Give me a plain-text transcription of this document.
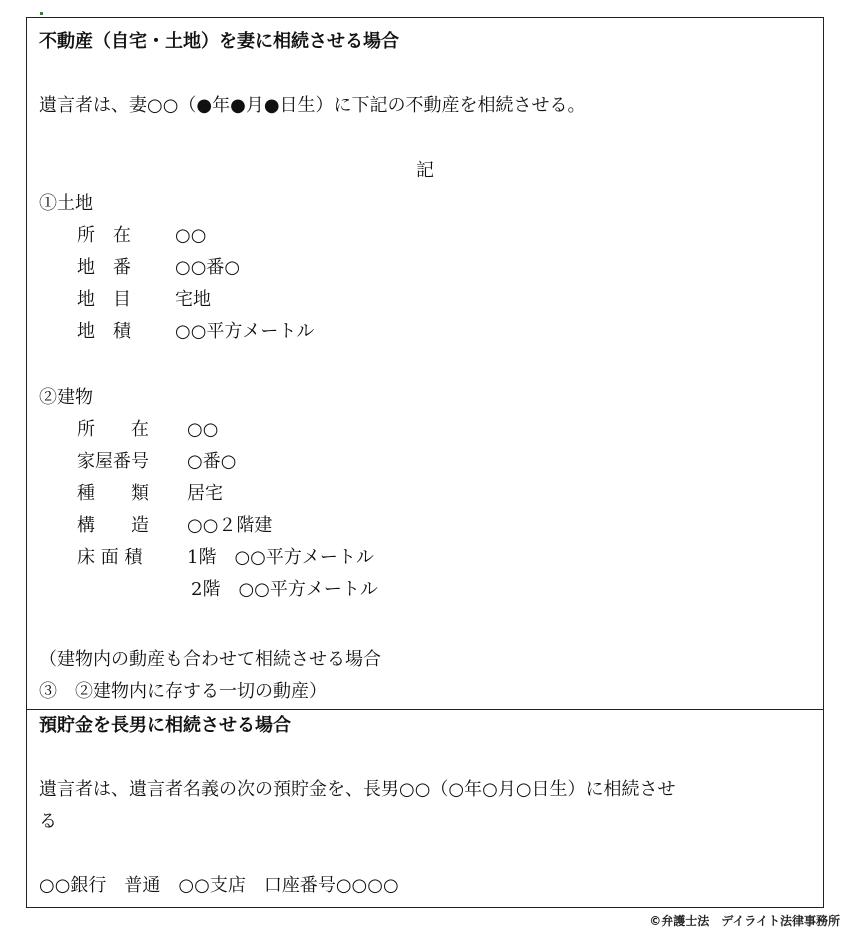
不動産（自宅・土地）を妻に相続させる場合
遺言者は、妻○○（●年●月●日生）に下記の不動産を相続させる。
記
①土地
所　在 ○○
地　番 ○○番○
地　目 宅地
地　積 ○○平方メートル
②建物
所　　在 ○○
家屋番号 ○番○
種　　類 居宅
構　　造 ○○２階建
床 面 積 1階　○○平方メートル
2階　○○平方メートル
（建物内の動産も合わせて相続させる場合
③　②建物内に存する一切の動産）
預貯金を長男に相続させる場合
遺言者は、遺言者名義の次の預貯金を、長男○○（○年○月○日生）に相続させ
る
○○銀行　普通　○○支店　口座番号○○○○
©弁護士法　デイライト法律事務所
